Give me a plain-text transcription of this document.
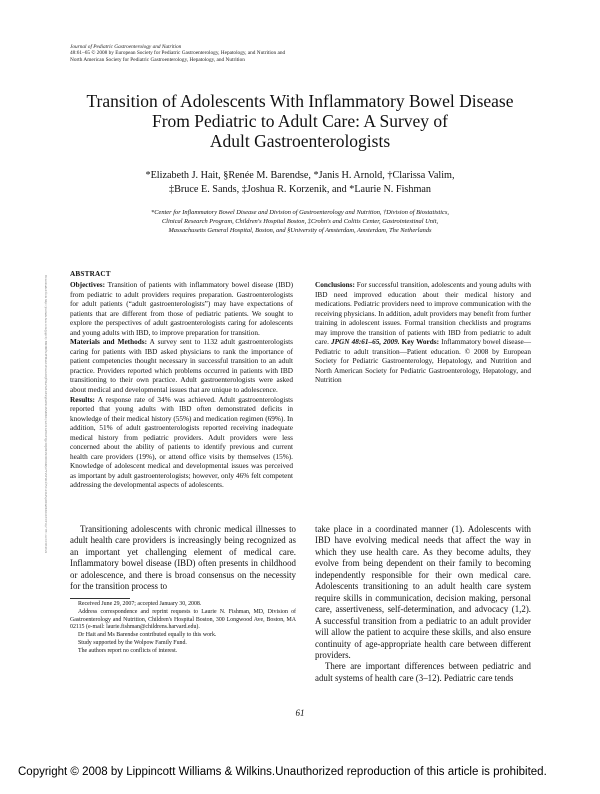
Journal of Pediatric Gastroenterology and Nutrition
48:61–65 © 2008 by European Society for Pediatric Gastroenterology, Hepatology, and Nutrition and
North American Society for Pediatric Gastroenterology, Hepatology, and Nutrition
Transition of Adolescents With Inflammatory Bowel Disease
From Pediatric to Adult Care: A Survey of
Adult Gastroenterologists
*Elizabeth J. Hait, §Renée M. Barendse, *Janis H. Arnold, †Clarissa Valim,
‡Bruce E. Sands, ‡Joshua R. Korzenik, and *Laurie N. Fishman
*Center for Inflammatory Bowel Disease and Division of Gastroenterology and Nutrition, †Division of Biostatistics,
Clinical Research Program, Children's Hospital Boston, ‡Crohn's and Colitis Center, Gastrointestinal Unit,
Massachusetts General Hospital, Boston, and §University of Amsterdam, Amsterdam, The Netherlands
Downloaded from http://journals.lww.com/jpgn by BhDMf5ePHKav1zEoum1tQfN4a+kJLhEZgbsIHo4XMi0hCywCX1AWnYQp/IlQrHD3i3D0OdRyi7TvSFl4Cf3VC4/OAVpDDa8KKGKV0Ymy+78= on 03/08/2024
ABSTRACT

Objectives: Transition of patients with inflammatory bowel disease (IBD) from pediatric to adult providers requires preparation. Gastroenterologists for adult patients (“adult gastroenterologists”) may have expectations of patients that are different from those of pediatric patients. We sought to explore the perspectives of adult gastroenterologists caring for adolescents and young adults with IBD, to improve preparation for transition.

Materials and Methods: A survey sent to 1132 adult gastroenterologists caring for patients with IBD asked physicians to rank the importance of patient competencies thought necessary in successful transition to an adult practice. Providers reported which problems occurred in patients with IBD transitioning to their own practice. Adult gastroenterologists were asked about medical and developmental issues that are unique to adolescence.

Results: A response rate of 34% was achieved. Adult gastroenterologists reported that young adults with IBD often demonstrated deficits in knowledge of their medical history (55%) and medication regimen (69%). In addition, 51% of adult gastroenterologists reported receiving inadequate medical history from pediatric providers. Adult providers were less concerned about the ability of patients to identify previous and current health care providers (19%), or attend office visits by themselves (15%). Knowledge of adolescent medical and developmental issues was perceived as important by adult gastroenterologists; however, only 46% felt competent addressing the developmental aspects of adolescents.

Conclusions: For successful transition, adolescents and young adults with IBD need improved education about their medical history and medications. Pediatric providers need to improve communication with the receiving physicians. In addition, adult providers may benefit from further training in adolescent issues. Formal transition checklists and programs may improve the transition of patients with IBD from pediatric to adult care. JPGN 48:61–65, 2009. Key Words: Inflammatory bowel disease—Pediatric to adult transition—Patient education. © 2008 by European Society for Pediatric Gastroenterology, Hepatology, and Nutrition and North American Society for Pediatric Gastroenterology, Hepatology, and Nutrition

Transitioning adolescents with chronic medical illnesses to adult health care providers is increasingly being recognized as an important yet challenging element of medical care. Inflammatory bowel disease (IBD) often presents in childhood or adolescence, and there is broad consensus on the necessity for the transition process to

take place in a coordinated manner (1). Adolescents with IBD have evolving medical needs that affect the way in which they use health care. As they become adults, they evolve from being dependent on their family to becoming independently responsible for their own medical care. Adolescents transitioning to an adult health care system require skills in communication, decision making, personal care, assertiveness, self-determination, and advocacy (1,2). A successful transition from a pediatric to an adult provider will allow the patient to acquire these skills, and also ensure continuity of age-appropriate health care between different providers.

There are important differences between pediatric and adult systems of health care (3–12). Pediatric care tends

Received June 29, 2007; accepted January 30, 2008.

Address correspondence and reprint requests to Laurie N. Fishman, MD, Division of Gastroenterology and Nutrition, Children's Hospital Boston, 300 Longwood Ave, Boston, MA 02115 (e-mail: laurie.fishman@childrens.harvard.edu).

Dr Hait and Ms Barendse contributed equally to this work.

Study supported by the Wolpow Family Fund.

The authors report no conflicts of interest.

61
Copyright © 2008 by Lippincott Williams & Wilkins.Unauthorized reproduction of this article is prohibited.
